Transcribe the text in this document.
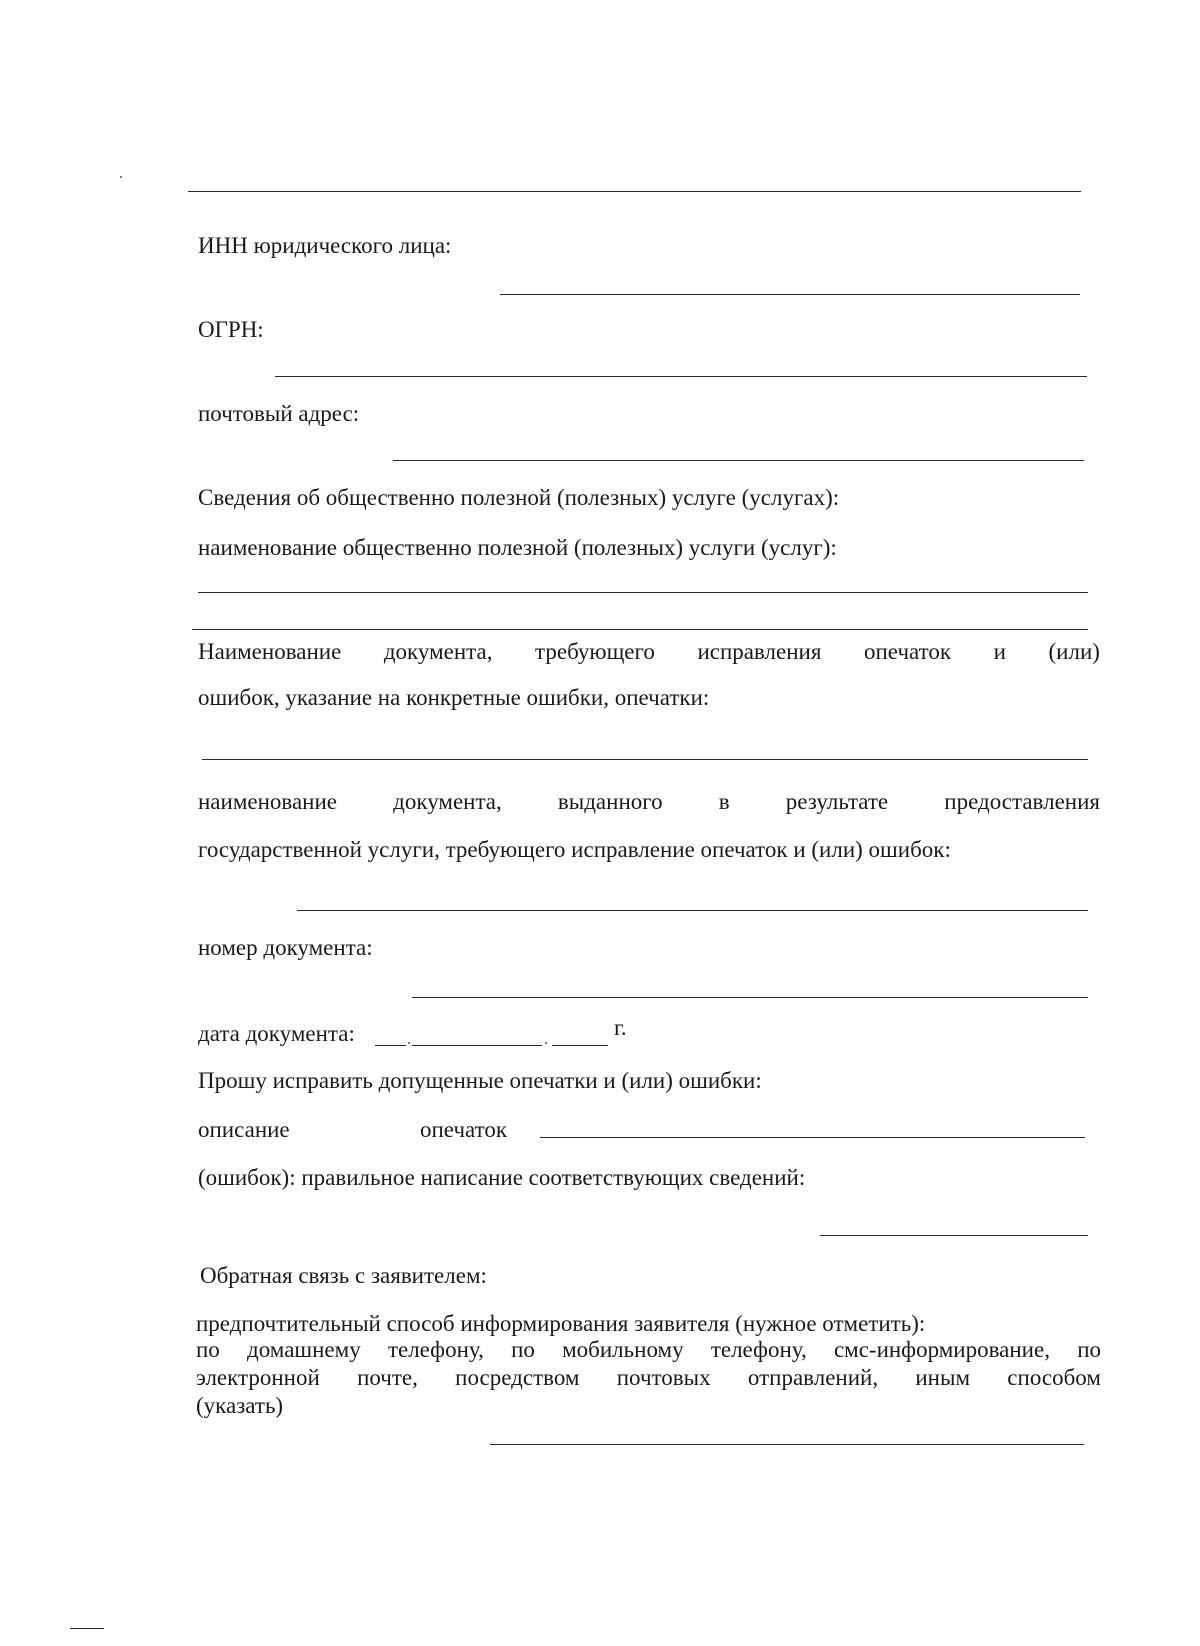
ИНН юридического лица:
ОГРН:
почтовый адрес:
Сведения об общественно полезной (полезных) услуге (услугах):
наименование общественно полезной (полезных) услуги (услуг):
Наименование документа, требующего исправления опечаток и (или)
ошибок, указание на конкретные ошибки, опечатки:
наименование документа, выданного в результате предоставления
государственной услуги, требующего исправление опечаток и (или) ошибок:
номер документа:
дата документа:	г.
Прошу исправить допущенные опечатки и (или) ошибки:
описание	опечаток
(ошибок): правильное написание соответствующих сведений:
Обратная связь с заявителем:
предпочтительный способ информирования заявителя (нужное отметить):
по домашнему телефону, по мобильному телефону, смс-информирование, по
электронной почте, посредством почтовых отправлений, иным способом
(указать)
